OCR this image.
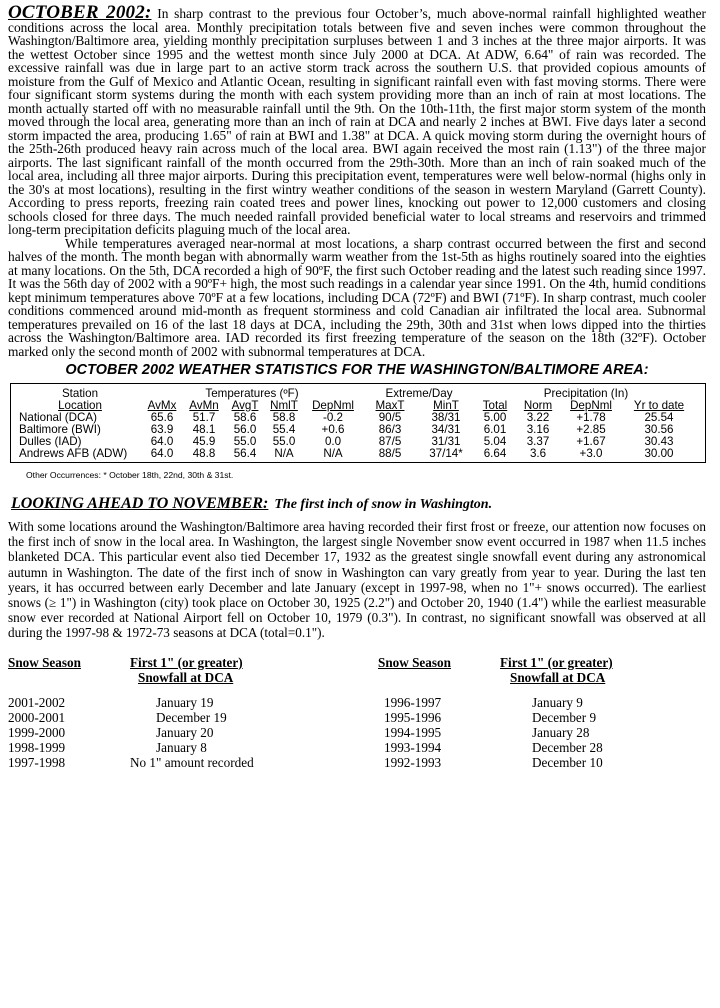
OCTOBER 2002: In sharp contrast to the previous four October’s, much above-normal rainfall highlighted weather conditions across the local area. Monthly precipitation totals between five and seven inches were common throughout the Washington/Baltimore area, yielding monthly precipitation surpluses between 1 and 3 inches at the three major airports. It was the wettest October since 1995 and the wettest month since July 2000 at DCA. At ADW, 6.64" of rain was recorded. The excessive rainfall was due in large part to an active storm track across the southern U.S. that provided copious amounts of moisture from the Gulf of Mexico and Atlantic Ocean, resulting in significant rainfall even with fast moving storms. There were four significant storm systems during the month with each system providing more than an inch of rain at most locations. The month actually started off with no measurable rainfall until the 9th. On the 10th-11th, the first major storm system of the month moved through the local area, generating more than an inch of rain at DCA and nearly 2 inches at BWI. Five days later a second storm impacted the area, producing 1.65" of rain at BWI and 1.38" at DCA. A quick moving storm during the overnight hours of the 25th-26th produced heavy rain across much of the local area. BWI again received the most rain (1.13") of the three major airports. The last significant rainfall of the month occurred from the 29th-30th. More than an inch of rain soaked much of the local area, including all three major airports. During this precipitation event, temperatures were well below-normal (highs only in the 30's at most locations), resulting in the first wintry weather conditions of the season in western Maryland (Garrett County). According to press reports, freezing rain coated trees and power lines, knocking out power to 12,000 customers and closing schools closed for three days. The much needed rainfall provided beneficial water to local streams and reservoirs and trimmed long-term precipitation deficits plaguing much of the local area.

While temperatures averaged near-normal at most locations, a sharp contrast occurred between the first and second halves of the month. The month began with abnormally warm weather from the 1st-5th as highs routinely soared into the eighties at many locations. On the 5th, DCA recorded a high of 90ºF, the first such October reading and the latest such reading since 1997. It was the 56th day of 2002 with a 90ºF+ high, the most such readings in a calendar year since 1991. On the 4th, humid conditions kept minimum temperatures above 70ºF at a few locations, including DCA (72ºF) and BWI (71ºF). In sharp contrast, much cooler conditions commenced around mid-month as frequent storminess and cold Canadian air infiltrated the local area. Subnormal temperatures prevailed on 16 of the last 18 days at DCA, including the 29th, 30th and 31st when lows dipped into the thirties across the Washington/Baltimore area. IAD recorded its first freezing temperature of the season on the 18th (32ºF). October marked only the second month of 2002 with subnormal temperatures at DCA.

OCTOBER 2002 WEATHER STATISTICS FOR THE WASHINGTON/BALTIMORE AREA:
Station	Temperatures (ºF)					Extreme/Day		Precipitation (In)			
Location	AvMx	AvMn	AvgT	NmlT	DepNml	MaxT	MinT	Total	Norm	DepNml	Yr to date
National (DCA)	65.6	51.7	58.6	58.8	-0.2	90/5	38/31	5.00	3.22	+1.78	25.54
Baltimore (BWI)	63.9	48.1	56.0	55.4	+0.6	86/3	34/31	6.01	3.16	+2.85	30.56
Dulles (IAD)	64.0	45.9	55.0	55.0	0.0	87/5	31/31	5.04	3.37	+1.67	30.43
Andrews AFB (ADW)	64.0	48.8	56.4	N/A	N/A	88/5	37/14*	6.64	3.6	+3.0	30.00
Other Occurrences: * October 18th, 22nd, 30th & 31st.
LOOKING AHEAD TO NOVEMBER: The first inch of snow in Washington.

With some locations around the Washington/Baltimore area having recorded their first frost or freeze, our attention now focuses on the first inch of snow in the local area. In Washington, the largest single November snow event occurred in 1987 when 11.5 inches blanketed DCA. This particular event also tied December 17, 1932 as the greatest single snowfall event during any astronomical autumn in Washington. The date of the first inch of snow in Washington can vary greatly from year to year. During the last ten years, it has occurred between early December and late January (except in 1997-98, when no 1"+ snows occurred). The earliest snows (≥ 1") in Washington (city) took place on October 30, 1925 (2.2") and October 20, 1940 (1.4") while the earliest measurable snow ever recorded at National Airport fell on October 10, 1979 (0.3"). In contrast, no significant snowfall was observed at all during the 1997-98 & 1972-73 seasons at DCA (total=0.1").

Snow Season	First 1" (or greater)	Snow Season	First 1" (or greater)
	Snowfall at DCA		Snowfall at DCA

2001-2002	January 19	1996-1997	January 9
2000-2001	December 19	1995-1996	December 9
1999-2000	January 20	1994-1995	January 28
1998-1999	January 8	1993-1994	December 28
1997-1998	No 1" amount recorded	1992-1993	December 10
